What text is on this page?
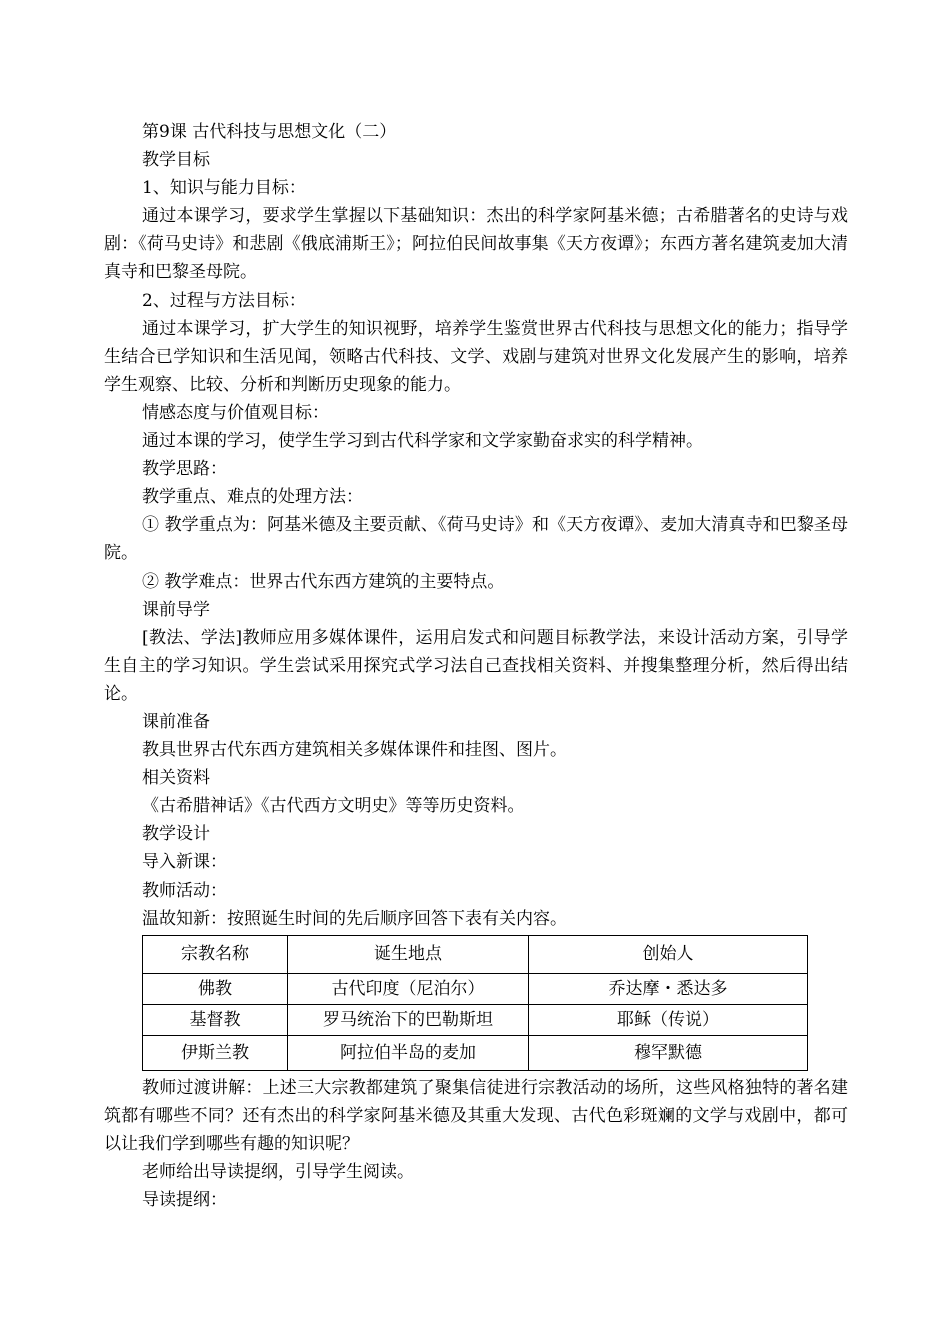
第9课 古代科技与思想文化（二）

教学目标

1、知识与能力目标：

通过本课学习，要求学生掌握以下基础知识：杰出的科学家阿基米德；古希腊著名的史诗与戏剧：《荷马史诗》和悲剧《俄底浦斯王》；阿拉伯民间故事集《天方夜谭》；东西方著名建筑麦加大清真寺和巴黎圣母院。

2、过程与方法目标：

通过本课学习，扩大学生的知识视野，培养学生鉴赏世界古代科技与思想文化的能力；指导学生结合已学知识和生活见闻，领略古代科技、文学、戏剧与建筑对世界文化发展产生的影响，培养学生观察、比较、分析和判断历史现象的能力。

情感态度与价值观目标：

通过本课的学习，使学生学习到古代科学家和文学家勤奋求实的科学精神。

教学思路：

教学重点、难点的处理方法：

① 教学重点为：阿基米德及主要贡献、《荷马史诗》和《天方夜谭》、麦加大清真寺和巴黎圣母院。

② 教学难点：世界古代东西方建筑的主要特点。

课前导学

[教法、学法]教师应用多媒体课件，运用启发式和问题目标教学法，来设计活动方案，引导学生自主的学习知识。学生尝试采用探究式学习法自己查找相关资料、并搜集整理分析，然后得出结论。

课前准备

教具世界古代东西方建筑相关多媒体课件和挂图、图片。

相关资料

《古希腊神话》《古代西方文明史》等等历史资料。

教学设计

导入新课：

教师活动：

温故知新：按照诞生时间的先后顺序回答下表有关内容。

宗教名称	诞生地点	创始人
佛教	古代印度（尼泊尔）	乔达摩・悉达多
基督教	罗马统治下的巴勒斯坦	耶稣（传说）
伊斯兰教	阿拉伯半岛的麦加	穆罕默德

教师过渡讲解：上述三大宗教都建筑了聚集信徒进行宗教活动的场所，这些风格独特的著名建筑都有哪些不同？还有杰出的科学家阿基米德及其重大发现、古代色彩斑斓的文学与戏剧中，都可以让我们学到哪些有趣的知识呢？

老师给出导读提纲，引导学生阅读。

导读提纲：
